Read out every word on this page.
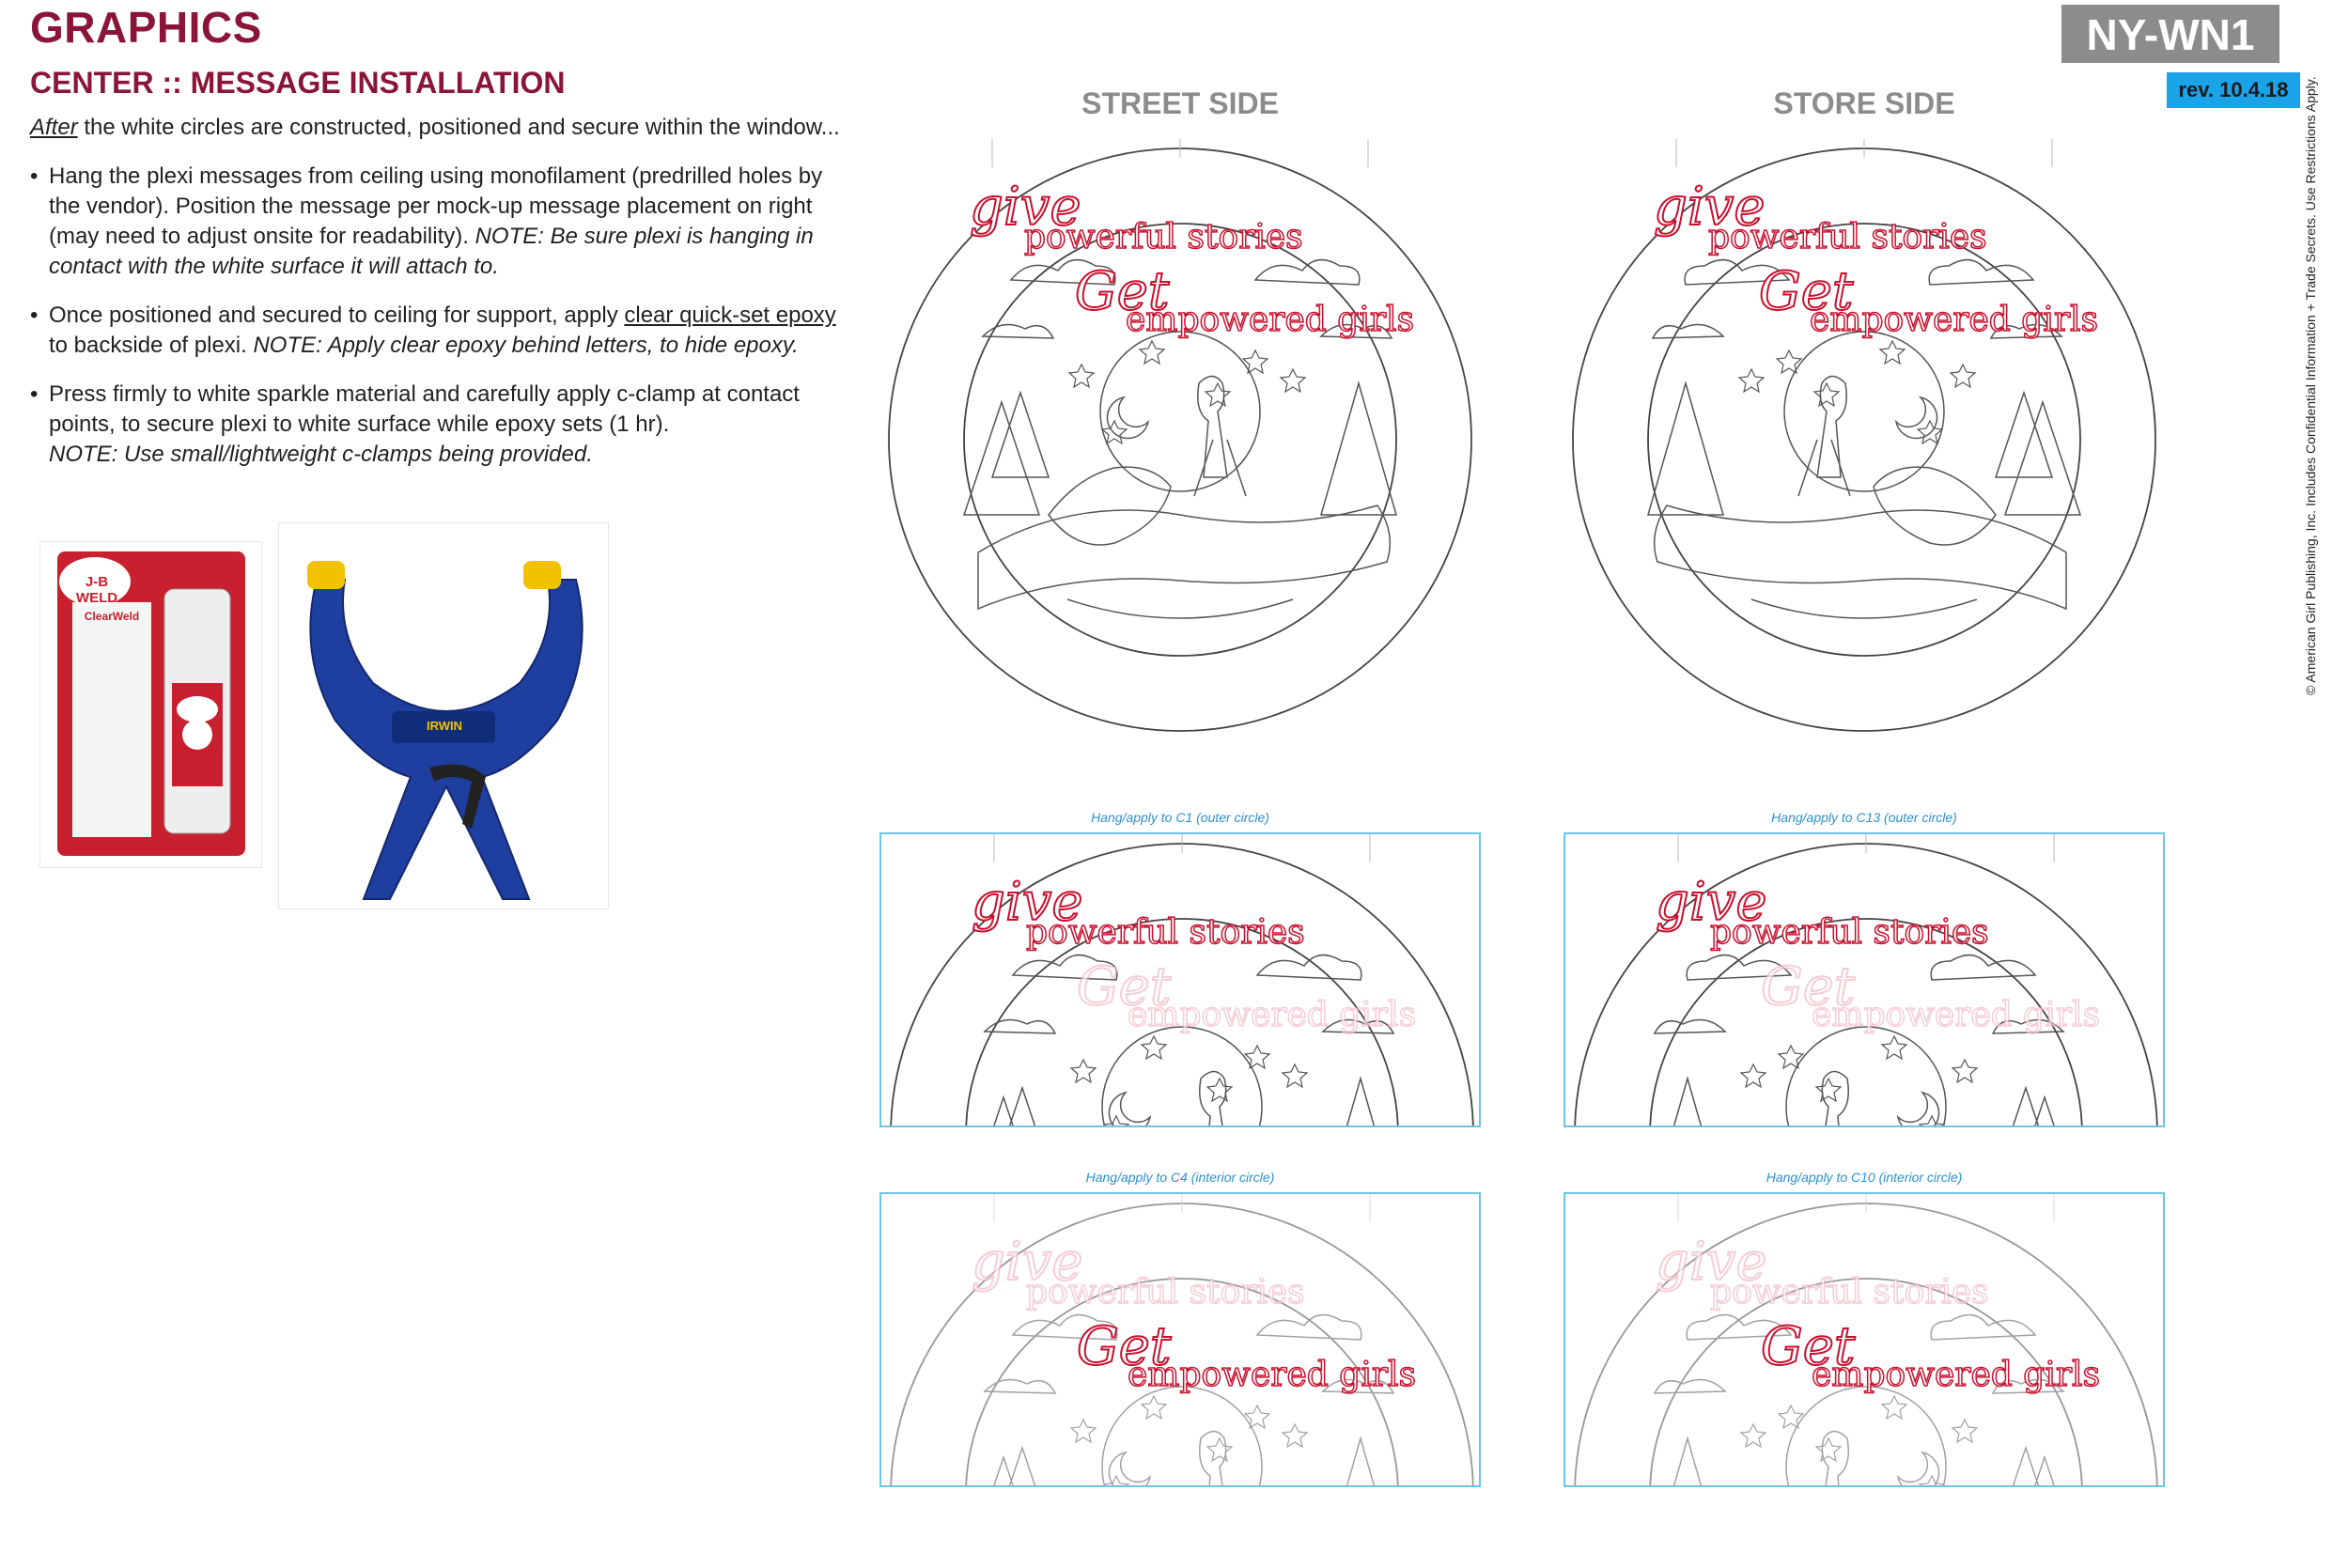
GRAPHICS
CENTER :: MESSAGE INSTALLATION
After the white circles are constructed, positioned and secure within the window...
• Hang the plexi messages from ceiling using monofilament (predrilled holes by the vendor). Position the message per mock-up message placement on right (may need to adjust onsite for readability). NOTE: Be sure plexi is hanging in contact with the white surface it will attach to.
• Once positioned and secured to ceiling for support, apply clear quick-set epoxy to backside of plexi. NOTE: Apply clear epoxy behind letters, to hide epoxy.
• Press firmly to white sparkle material and carefully apply c-clamp at contact points, to secure plexi to white surface while epoxy sets (1 hr).
NOTE: Use small/lightweight c-clamps being provided.
NY-WN1
rev. 10.4.18	© American Girl Publishing, Inc. Includes Confidential Information + Trade Secrets. Use Restrictions Apply.
J-B WELD
ClearWeld
IRWIN
STREET SIDE	STORE SIDE
give
powerful stories
Get
empowered girls
give
powerful stories
Get
empowered girls
Hang/apply to C1 (outer circle)	Hang/apply to C13 (outer circle)
Hang/apply to C4 (interior circle)	Hang/apply to C10 (interior circle)
give
powerful stories
Get
empowered girls
give
powerful stories
Get
empowered girls
give
powerful stories
Get
empowered girls
give
powerful stories
Get
empowered girls
